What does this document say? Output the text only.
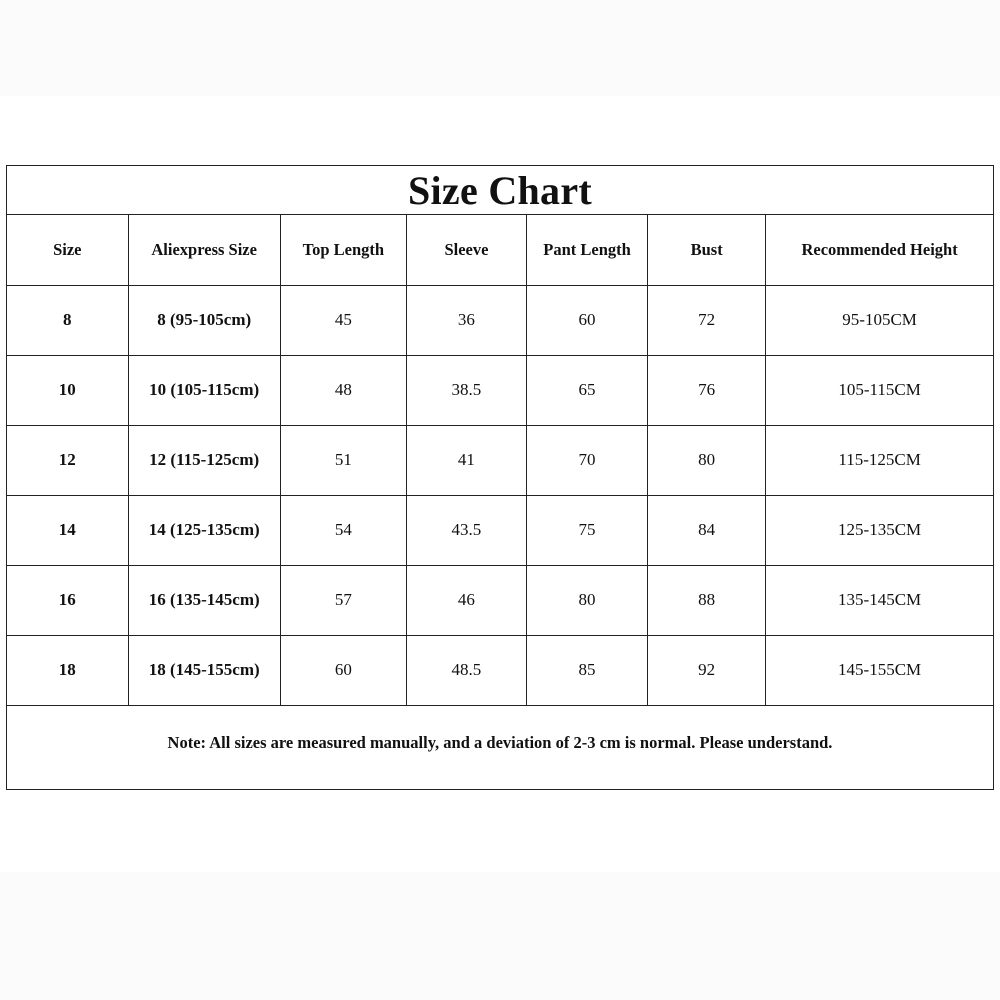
Size Chart
Size	Aliexpress Size	Top Length	Sleeve	Pant Length	Bust	Recommended Height
8	8 (95-105cm)	45	36	60	72	95-105CM
10	10 (105-115cm)	48	38.5	65	76	105-115CM
12	12 (115-125cm)	51	41	70	80	115-125CM
14	14 (125-135cm)	54	43.5	75	84	125-135CM
16	16 (135-145cm)	57	46	80	88	135-145CM
18	18 (145-155cm)	60	48.5	85	92	145-155CM
Note: All sizes are measured manually, and a deviation of 2-3 cm is normal. Please understand.
